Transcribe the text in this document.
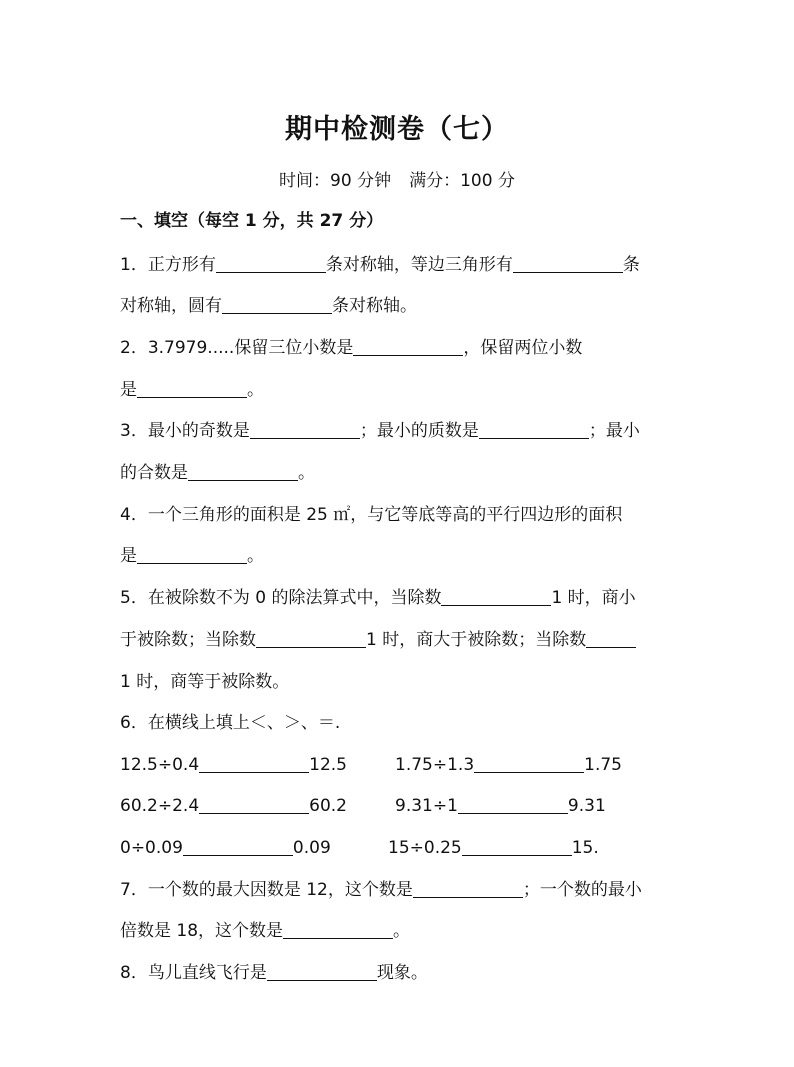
期中检测卷（七）
时间：90 分钟 满分：100 分
一、填空（每空 1 分，共 27 分）
1．正方形有	条对称轴，等边三角形有	条
对称轴，圆有	条对称轴。
2．3.7979.....保留三位小数是	，保留两位小数
是	。
3．最小的奇数是	；最小的质数是	；最小
的合数是	。
4．一个三角形的面积是 25 ㎡，与它等底等高的平行四边形的面积
是	。
5．在被除数不为 0 的除法算式中，当除数	1 时，商小
于被除数；当除数	1 时，商大于被除数；当除数
1 时，商等于被除数。
6．在横线上填上＜、＞、＝.
12.5÷0.4	12.5	1.75÷1.3	1.75
60.2÷2.4	60.2	9.31÷1	9.31
0÷0.09	0.09	15÷0.25	15.
7．一个数的最大因数是 12，这个数是	；一个数的最小
倍数是 18，这个数是	。
8．鸟儿直线飞行是	现象。
